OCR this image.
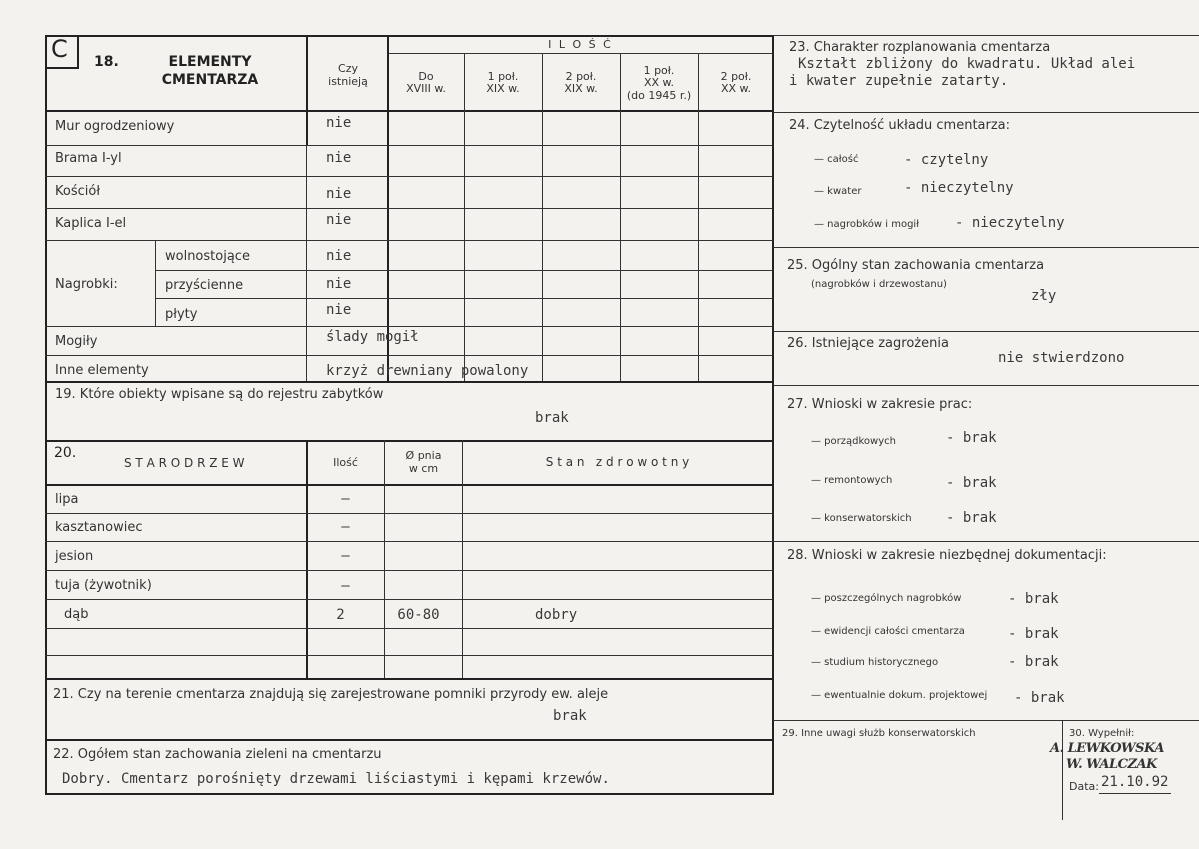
C 18.	ELEMENTY
CMENTARZA
Czy
istnieją
I L O Ś Ć
Do
XVIII w.
1 poł.
XIX w.
2 poł.
XIX w.
1 poł.
XX w.
(do 1945 r.)
2 poł.
XX w.
Mur ogrodzeniowy	nie
Brama I-yl	nie
Kościół	nie
Kaplica I-el	nie
Nagrobki:
wolnostojące	nie
przyścienne	nie
płyty	nie
Mogiły	ślady mogił
Inne elementy	krzyż drewniany powalony
19. Które obiekty wpisane są do rejestru zabytków
brak
20.
S T A R O D R Z E W	Ilość
Ø pnia
w cm	S t a n   z d r o w o t n y
lipa	–
kasztanowiec	–
jesion	–
tuja (żywotnik)	–
dąb	2	60-80	dobry
21. Czy na terenie cmentarza znajdują się zarejestrowane pomniki przyrody ew. aleje
brak
22. Ogółem stan zachowania zieleni na cmentarzu
Dobry. Cmentarz porośnięty drzewami liściastymi i kępami krzewów.
23. Charakter rozplanowania cmentarza
Kształt zbliżony do kwadratu. Układ alei
i kwater zupełnie zatarty.
24. Czytelność układu cmentarza:
— całość	- czytelny
— kwater	- nieczytelny
— nagrobków i mogił	- nieczytelny
25. Ogólny stan zachowania cmentarza
(nagrobków i drzewostanu)
zły
26. Istniejące zagrożenia
nie stwierdzono
27. Wnioski w zakresie prac:
— porządkowych	- brak
— remontowych	- brak
— konserwatorskich - brak
28. Wnioski w zakresie niezbędnej dokumentacji:
— poszczególnych nagrobków	- brak
— ewidencji całości cmentarza	- brak
— studium historycznego	- brak
— ewentualnie dokum. projektowej - brak
29. Inne uwagi służb konserwatorskich	30. Wypełnił:
A. LEWKOWSKA
W. WALCZAK
Data: 21.10.92
